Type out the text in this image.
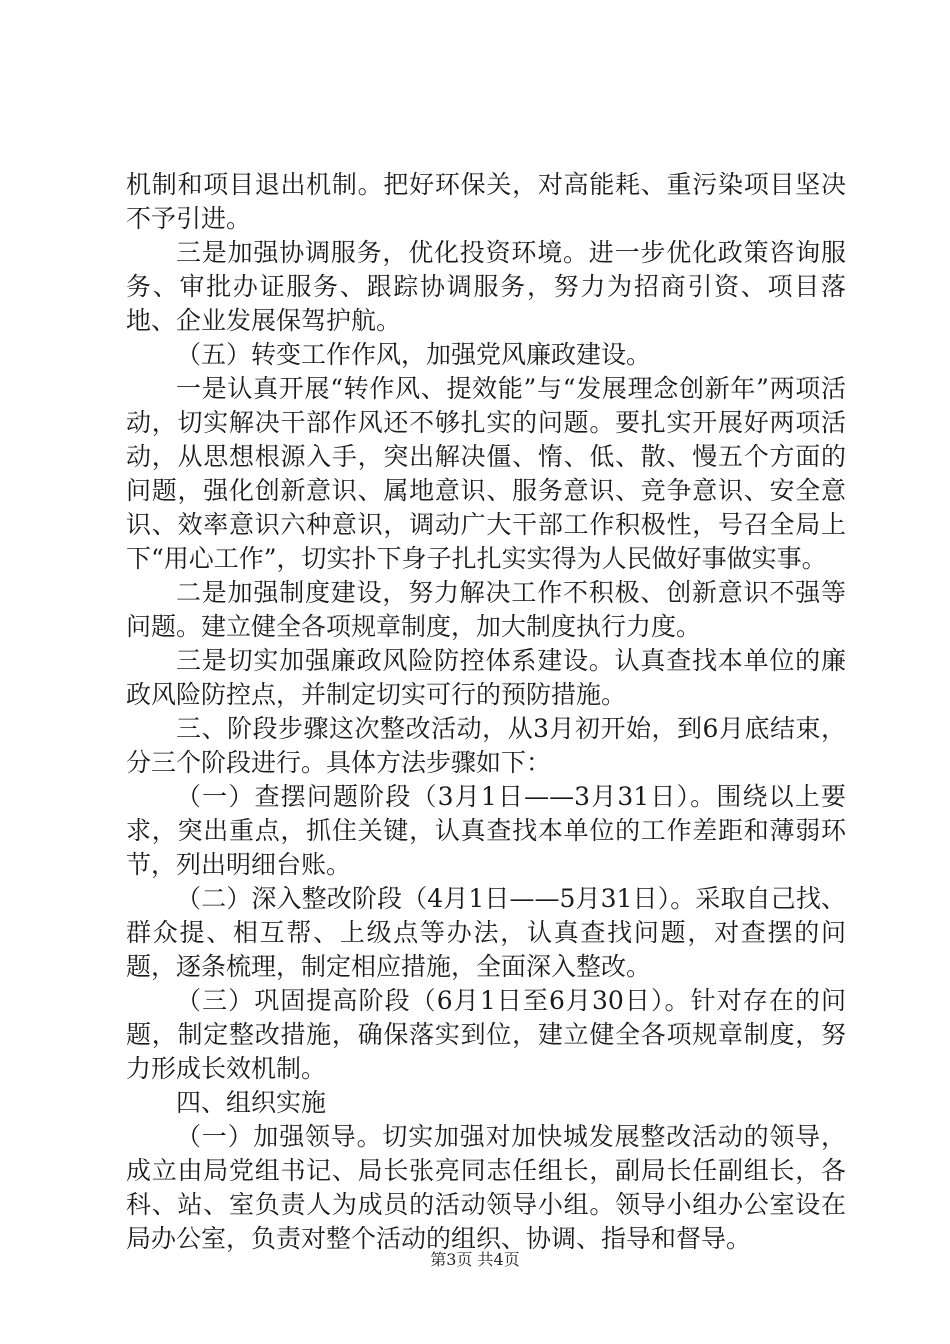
机制和项目退出机制。把好环保关，对高能耗、重污染项目坚决不予引进。

三是加强协调服务，优化投资环境。进一步优化政策咨询服务、审批办证服务、跟踪协调服务，努力为招商引资、项目落地、企业发展保驾护航。

（五）转变工作作风，加强党风廉政建设。

一是认真开展“转作风、提效能”与“发展理念创新年”两项活动，切实解决干部作风还不够扎实的问题。要扎实开展好两项活动，从思想根源入手，突出解决僵、惰、低、散、慢五个方面的问题，强化创新意识、属地意识、服务意识、竞争意识、安全意识、效率意识六种意识，调动广大干部工作积极性，号召全局上下“用心工作”，切实扑下身子扎扎实实得为人民做好事做实事。

二是加强制度建设，努力解决工作不积极、创新意识不强等问题。建立健全各项规章制度，加大制度执行力度。

三是切实加强廉政风险防控体系建设。认真查找本单位的廉政风险防控点，并制定切实可行的预防措施。

三、阶段步骤这次整改活动，从3月初开始，到6月底结束，分三个阶段进行。具体方法步骤如下：

（一）查摆问题阶段（3月1日——3月31日）。围绕以上要求，突出重点，抓住关键，认真查找本单位的工作差距和薄弱环节，列出明细台账。

（二）深入整改阶段（4月1日——5月31日）。采取自己找、群众提、相互帮、上级点等办法，认真查找问题，对查摆的问题，逐条梳理，制定相应措施，全面深入整改。

（三）巩固提高阶段（6月1日至6月30日）。针对存在的问题，制定整改措施，确保落实到位，建立健全各项规章制度，努力形成长效机制。

四、组织实施

（一）加强领导。切实加强对加快城发展整改活动的领导，成立由局党组书记、局长张亮同志任组长，副局长任副组长，各科、站、室负责人为成员的活动领导小组。领导小组办公室设在局办公室，负责对整个活动的组织、协调、指导和督导。

第3页 共4页
